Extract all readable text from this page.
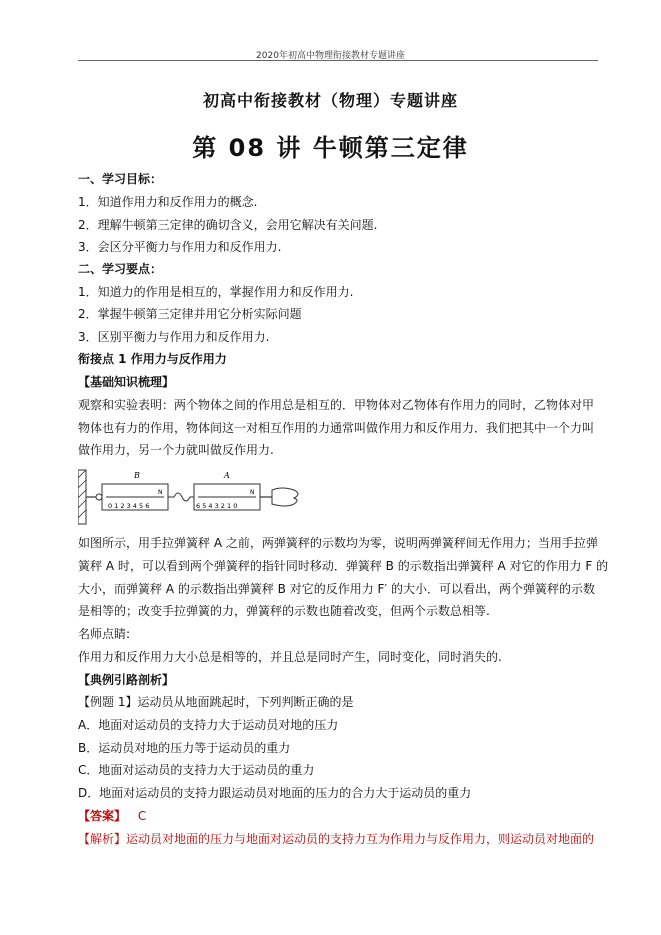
2020年初高中物理衔接教材专题讲座
初高中衔接教材（物理）专题讲座
第 08 讲 牛顿第三定律
一、学习目标：
1．知道作用力和反作用力的概念.
2．理解牛顿第三定律的确切含义，会用它解决有关问题.
3．会区分平衡力与作用力和反作用力.
二、学习要点：
1．知道力的作用是相互的，掌握作用力和反作用力.
2．掌握牛顿第三定律并用它分析实际问题
3．区别平衡力与作用力和反作用力.
衔接点 1 作用力与反作用力
【基础知识梳理】
观察和实验表明：两个物体之间的作用总是相互的．甲物体对乙物体有作用力的同时，乙物体对甲
物体也有力的作用，物体间这一对相互作用的力通常叫做作用力和反作用力．我们把其中一个力叫
做作用力，另一个力就叫做反作用力.
0 1 2 3 4 5 6
N
B
6 5 4 3 2 1 0
N
A
如图所示，用手拉弹簧秤 A 之前，两弹簧秤的示数均为零，说明两弹簧秤间无作用力；当用手拉弹
簧秤 A 时，可以看到两个弹簧秤的指针同时移动．弹簧秤 B 的示数指出弹簧秤 A 对它的作用力 F 的
大小，而弹簧秤 A 的示数指出弹簧秤 B 对它的反作用力 F′ 的大小．可以看出，两个弹簧秤的示数
是相等的；改变手拉弹簧的力，弹簧秤的示数也随着改变，但两个示数总相等.
名师点睛:
作用力和反作用力大小总是相等的，并且总是同时产生，同时变化，同时消失的.
【典例引路剖析】
【例题 1】运动员从地面跳起时，下列判断正确的是
A．地面对运动员的支持力大于运动员对地的压力
B．运动员对地的压力等于运动员的重力
C．地面对运动员的支持力大于运动员的重力
D．地面对运动员的支持力跟运动员对地面的压力的合力大于运动员的重力
【答案】 C
【解析】运动员对地面的压力与地面对运动员的支持力互为作用力与反作用力，则运动员对地面的
